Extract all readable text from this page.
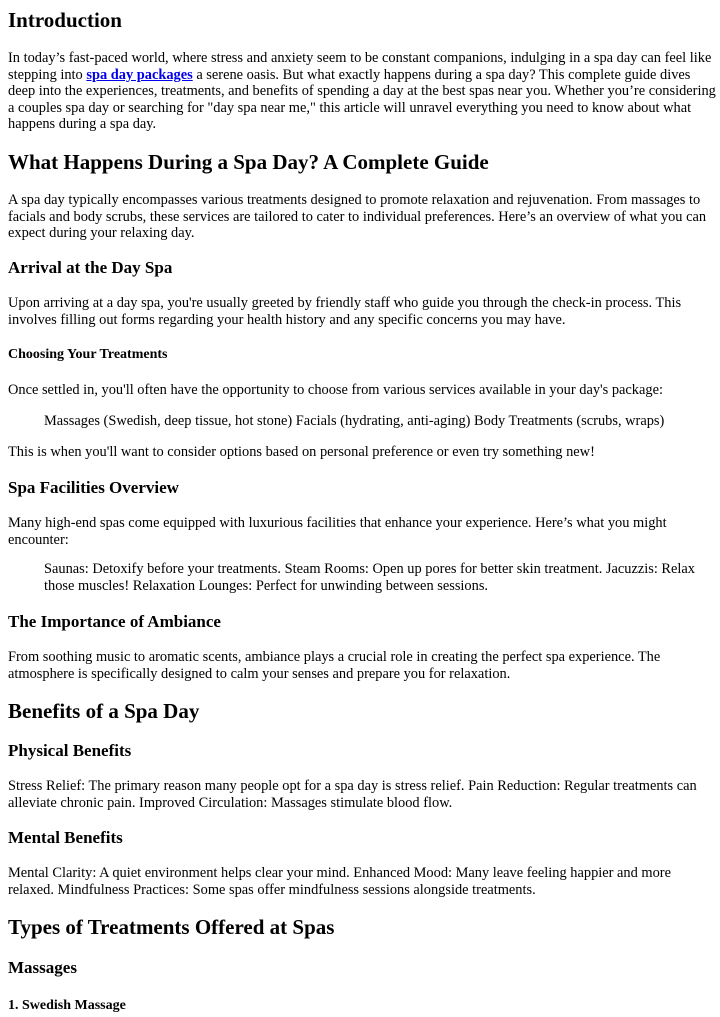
Introduction

In today’s fast-paced world, where stress and anxiety seem to be constant companions, indulging in a spa day can feel like stepping into spa day packages a serene oasis. But what exactly happens during a spa day? This complete guide dives deep into the experiences, treatments, and benefits of spending a day at the best spas near you. Whether you’re considering a couples spa day or searching for "day spa near me," this article will unravel everything you need to know about what happens during a spa day.

What Happens During a Spa Day? A Complete Guide

A spa day typically encompasses various treatments designed to promote relaxation and rejuvenation. From massages to facials and body scrubs, these services are tailored to cater to individual preferences. Here’s an overview of what you can expect during your relaxing day.

Arrival at the Day Spa

Upon arriving at a day spa, you're usually greeted by friendly staff who guide you through the check-in process. This involves filling out forms regarding your health history and any specific concerns you may have.

Choosing Your Treatments

Once settled in, you'll often have the opportunity to choose from various services available in your day's package:

Massages (Swedish, deep tissue, hot stone) Facials (hydrating, anti-aging) Body Treatments (scrubs, wraps)

This is when you'll want to consider options based on personal preference or even try something new!

Spa Facilities Overview

Many high-end spas come equipped with luxurious facilities that enhance your experience. Here’s what you might encounter:

Saunas: Detoxify before your treatments. Steam Rooms: Open up pores for better skin treatment. Jacuzzis: Relax those muscles! Relaxation Lounges: Perfect for unwinding between sessions.
The Importance of Ambiance

From soothing music to aromatic scents, ambiance plays a crucial role in creating the perfect spa experience. The atmosphere is specifically designed to calm your senses and prepare you for relaxation.

Benefits of a Spa Day
Physical Benefits

Stress Relief: The primary reason many people opt for a spa day is stress relief. Pain Reduction: Regular treatments can alleviate chronic pain. Improved Circulation: Massages stimulate blood flow.

Mental Benefits

Mental Clarity: A quiet environment helps clear your mind. Enhanced Mood: Many leave feeling happier and more relaxed. Mindfulness Practices: Some spas offer mindfulness sessions alongside treatments.

Types of Treatments Offered at Spas
Massages
1. Swedish Massage
